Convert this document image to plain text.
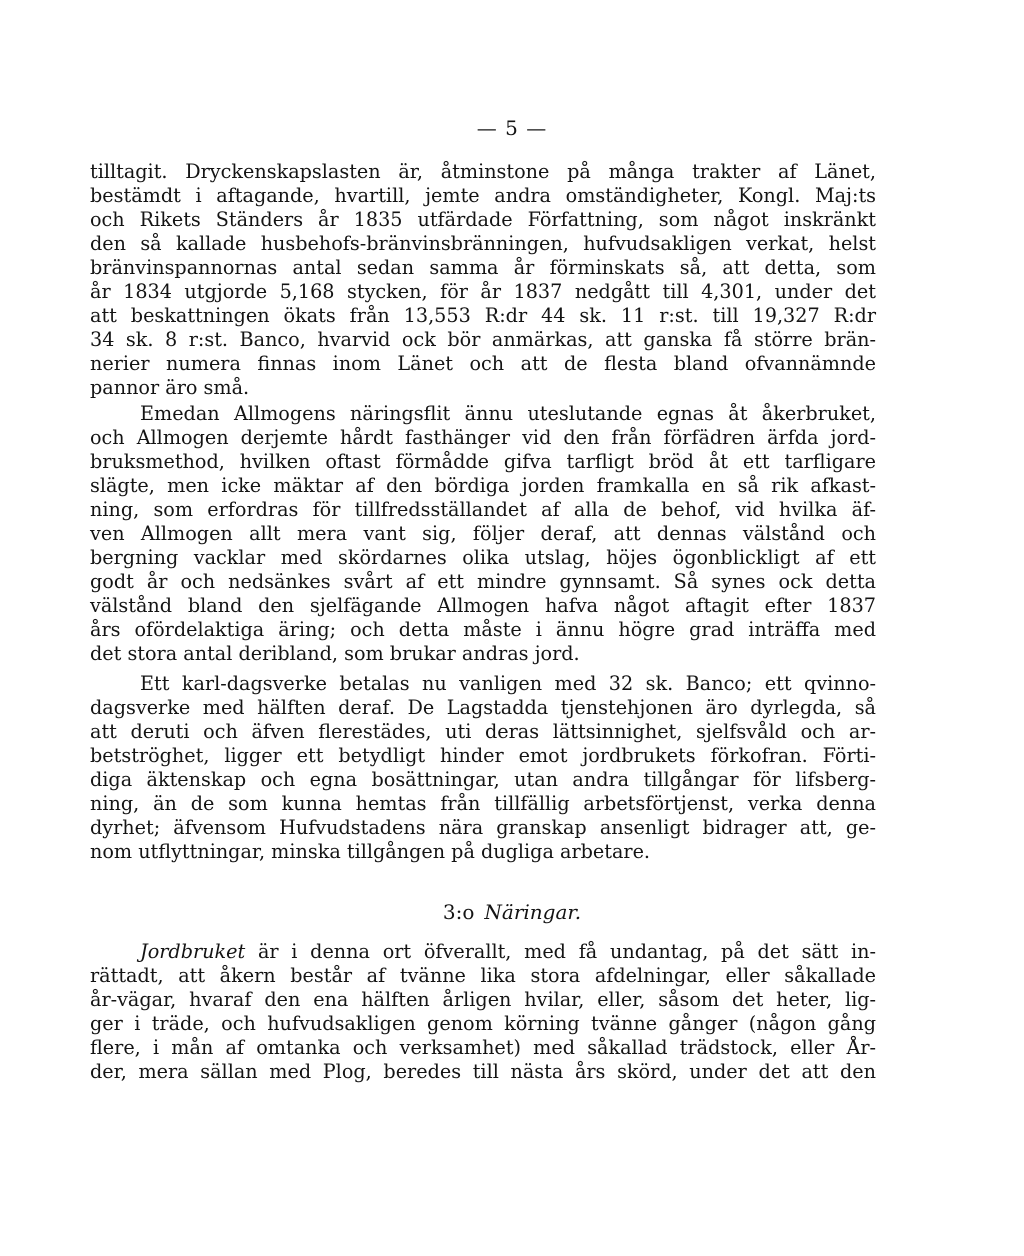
— 5 —
tilltagit. Dryckenskapslasten är, åtminstone på många trakter af Länet,
bestämdt i aftagande, hvartill, jemte andra omständigheter, Kongl. Maj:ts
och Rikets Ständers år 1835 utfärdade Författning, som något inskränkt
den så kallade husbehofs-bränvinsbränningen, hufvudsakligen verkat, helst
bränvinspannornas antal sedan samma år förminskats så, att detta, som
år 1834 utgjorde 5,168 stycken, för år 1837 nedgått till 4,301, under det
att beskattningen ökats från 13,553 R:dr 44 sk. 11 r:st. till 19,327 R:dr
34 sk. 8 r:st. Banco, hvarvid ock bör anmärkas, att ganska få större brän-
nerier numera finnas inom Länet och att de flesta bland ofvannämnde
pannor äro små.
Emedan Allmogens näringsflit ännu uteslutande egnas åt åkerbruket,
och Allmogen derjemte hårdt fasthänger vid den från förfädren ärfda jord-
bruksmethod, hvilken oftast förmådde gifva tarfligt bröd åt ett tarfligare
slägte, men icke mäktar af den bördiga jorden framkalla en så rik afkast-
ning, som erfordras för tillfredsställandet af alla de behof, vid hvilka äf-
ven Allmogen allt mera vant sig, följer deraf, att dennas välstånd och
bergning vacklar med skördarnes olika utslag, höjes ögonblickligt af ett
godt år och nedsänkes svårt af ett mindre gynnsamt. Så synes ock detta
välstånd bland den sjelfägande Allmogen hafva något aftagit efter 1837
års ofördelaktiga äring; och detta måste i ännu högre grad inträffa med
det stora antal deribland, som brukar andras jord.
Ett karl-dagsverke betalas nu vanligen med 32 sk. Banco; ett qvinno-
dagsverke med hälften deraf. De Lagstadda tjenstehjonen äro dyrlegda, så
att deruti och äfven flerestädes, uti deras lättsinnighet, sjelfsvåld och ar-
betströghet, ligger ett betydligt hinder emot jordbrukets förkofran. Förti-
diga äktenskap och egna bosättningar, utan andra tillgångar för lifsberg-
ning, än de som kunna hemtas från tillfällig arbetsförtjenst, verka denna
dyrhet; äfvensom Hufvudstadens nära granskap ansenligt bidrager att, ge-
nom utflyttningar, minska tillgången på dugliga arbetare.
3:o Näringar.
Jordbruket är i denna ort öfverallt, med få undantag, på det sätt in-
rättadt, att åkern består af tvänne lika stora afdelningar, eller såkallade
år-vägar, hvaraf den ena hälften årligen hvilar, eller, såsom det heter, lig-
ger i träde, och hufvudsakligen genom körning tvänne gånger (någon gång
flere, i mån af omtanka och verksamhet) med såkallad trädstock, eller År-
der, mera sällan med Plog, beredes till nästa års skörd, under det att den
